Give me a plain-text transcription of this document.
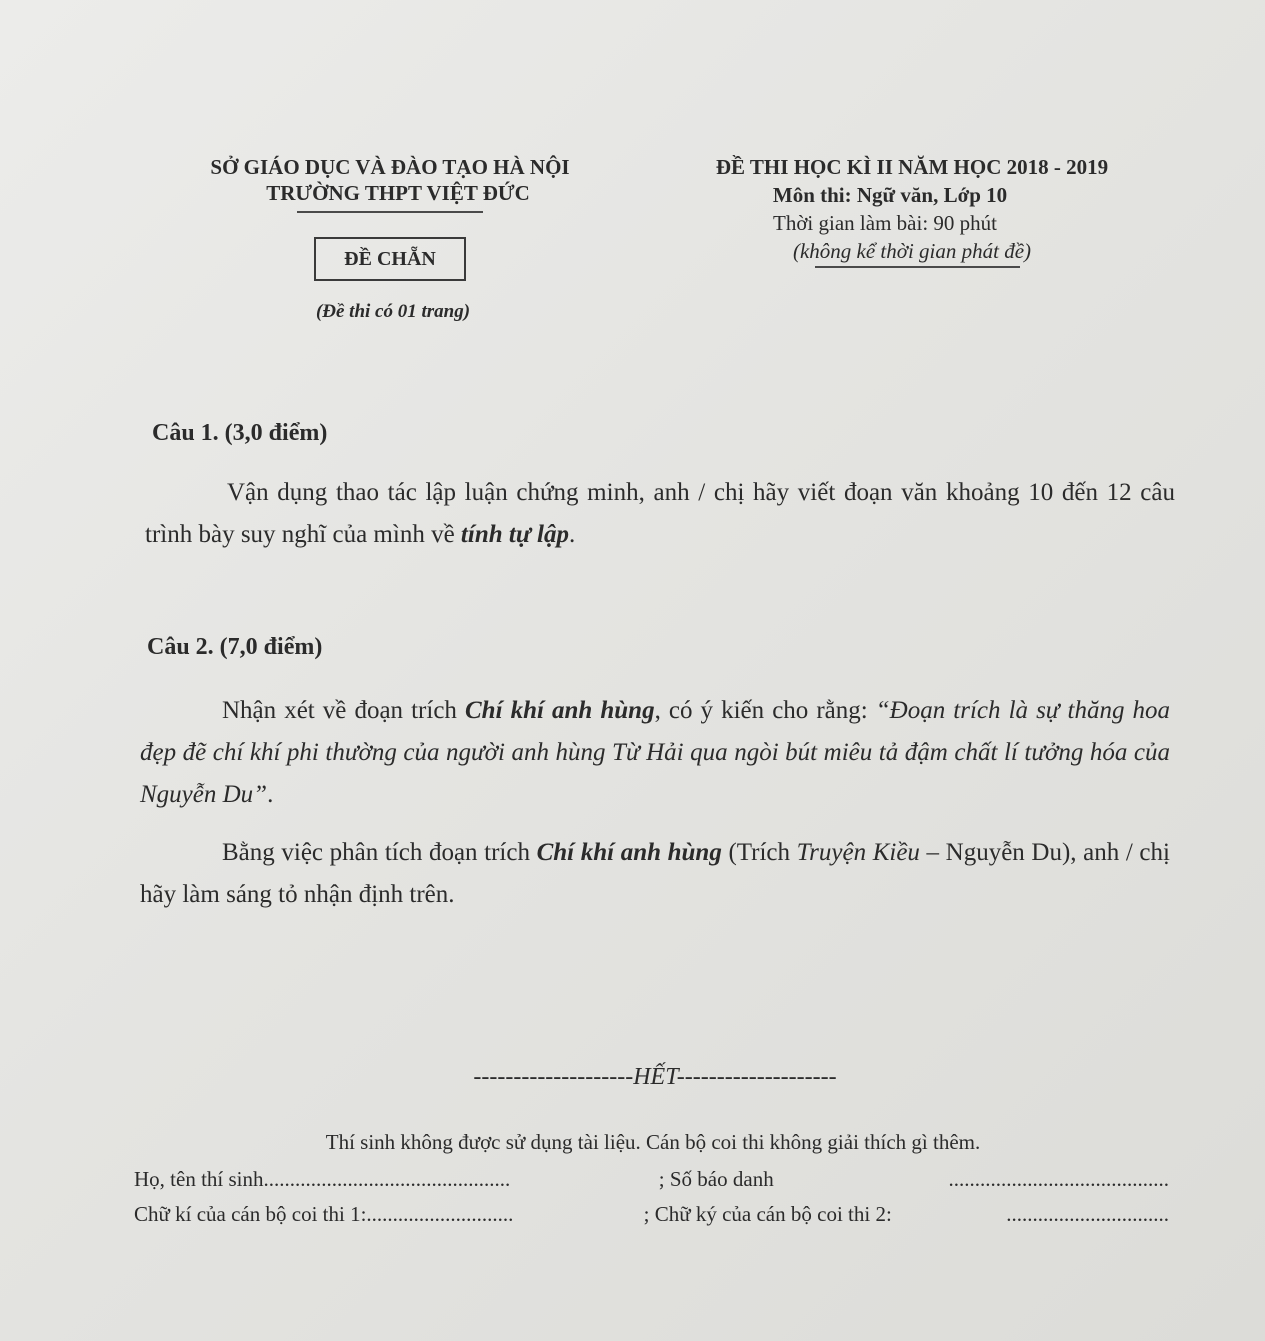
SỞ GIÁO DỤC VÀ ĐÀO TẠO HÀ NỘI
TRƯỜNG THPT VIỆT ĐỨC
ĐỀ CHẴN
(Đề thi có 01 trang)
ĐỀ THI HỌC KÌ II NĂM HỌC 2018 - 2019
Môn thi: Ngữ văn, Lớp 10
Thời gian làm bài: 90 phút
(không kể thời gian phát đề)
Câu 1. (3,0 điểm)
Vận dụng thao tác lập luận chứng minh, anh / chị hãy viết đoạn văn khoảng 10 đến 12 câu trình bày suy nghĩ của mình về tính tự lập.
Câu 2. (7,0 điểm)
Nhận xét về đoạn trích Chí khí anh hùng, có ý kiến cho rằng: “Đoạn trích là sự thăng hoa đẹp đẽ chí khí phi thường của người anh hùng Từ Hải qua ngòi bút miêu tả đậm chất lí tưởng hóa của Nguyễn Du”.
Bằng việc phân tích đoạn trích Chí khí anh hùng (Trích Truyện Kiều – Nguyễn Du), anh / chị hãy làm sáng tỏ nhận định trên.
--------------------HẾT--------------------
Thí sinh không được sử dụng tài liệu. Cán bộ coi thi không giải thích gì thêm.
Họ, tên thí sinh ...............................................	; Số báo danh	..........................................
Chữ kí của cán bộ coi thi 1: ............................	; Chữ ký của cán bộ coi thi 2:	...............................
